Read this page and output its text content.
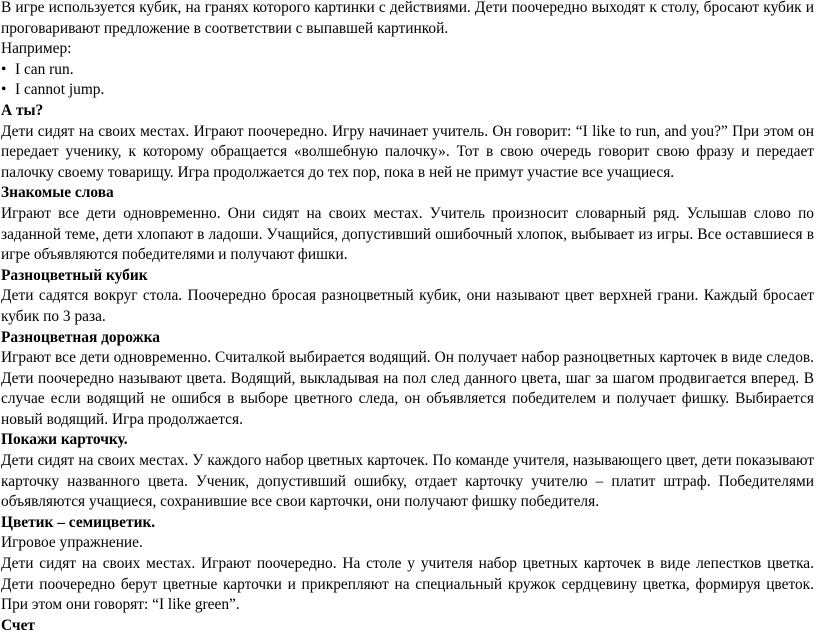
В игре используется кубик, на гранях которого картинки с действиями. Дети поочередно выходят к столу, бросают кубик и проговаривают предложение в соответствии с выпавшей картинкой.

Например:

• I can run.
• I cannot jump.

А ты?

Дети сидят на своих местах. Играют поочередно. Игру начинает учитель. Он говорит: “I like to run, and you?” При этом он передает ученику, к которому обращается «волшебную палочку». Тот в свою очередь говорит свою фразу и передает палочку своему товарищу. Игра продолжается до тех пор, пока в ней не примут участие все учащиеся.

Знакомые слова

Играют все дети одновременно. Они сидят на своих местах. Учитель произносит словарный ряд. Услышав слово по заданной теме, дети хлопают в ладоши. Учащийся, допустивший ошибочный хлопок, выбывает из игры. Все оставшиеся в игре объявляются победителями и получают фишки.

Разноцветный кубик

Дети садятся вокруг стола. Поочередно бросая разноцветный кубик, они называют цвет верхней грани. Каждый бросает кубик по 3 раза.

Разноцветная дорожка

Играют все дети одновременно. Считалкой выбирается водящий. Он получает набор разноцветных карточек в виде следов. Дети поочередно называют цвета. Водящий, выкладывая на пол след данного цвета, шаг за шагом продвигается вперед. В случае если водящий не ошибся в выборе цветного следа, он объявляется победителем и получает фишку. Выбирается новый водящий. Игра продолжается.

Покажи карточку.

Дети сидят на своих местах. У каждого набор цветных карточек. По команде учителя, называющего цвет, дети показывают карточку названного цвета. Ученик, допустивший ошибку, отдает карточку учителю – платит штраф. Победителями объявляются учащиеся, сохранившие все свои карточки, они получают фишку победителя.

Цветик – семицветик.

Игровое упражнение.

Дети сидят на своих местах. Играют поочередно. На столе у учителя набор цветных карточек в виде лепестков цветка. Дети поочередно берут цветные карточки и прикрепляют на специальный кружок сердцевину цветка, формируя цветок. При этом они говорят: “I like green”.

Счет
